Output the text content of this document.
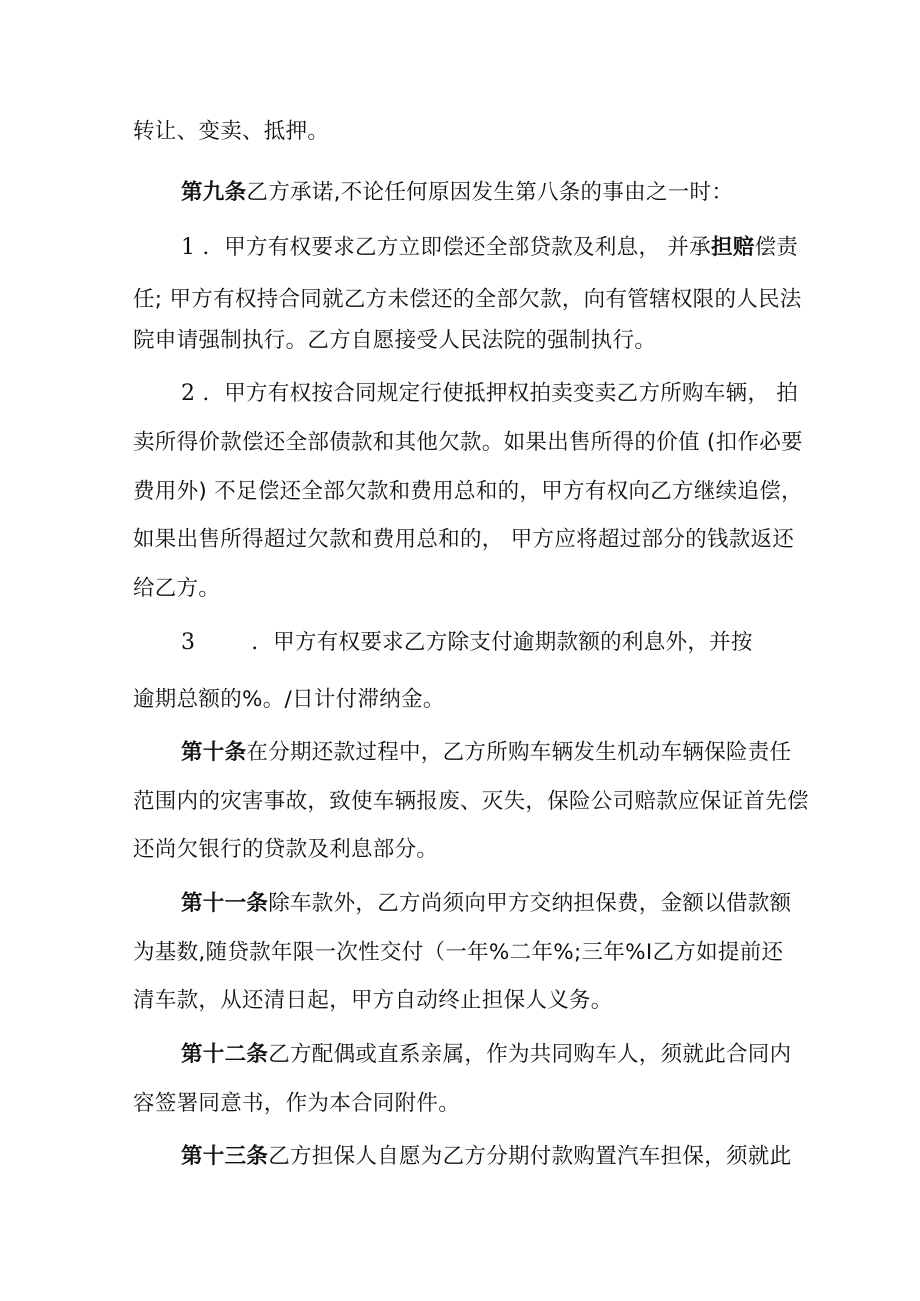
转让、变卖、抵押。
第九条乙方承诺,不论任何原因发生第八条的事由之一时：
1 ．甲方有权要求乙方立即偿还全部贷款及利息， 并承担赔偿责
任; 甲方有权持合同就乙方未偿还的全部欠款，向有管辖权限的人民法
院申请强制执行。乙方自愿接受人民法院的强制执行。
2 ．甲方有权按合同规定行使抵押权拍卖变卖乙方所购车辆， 拍
卖所得价款偿还全部债款和其他欠款。如果出售所得的价值 (扣作必要
费用外) 不足偿还全部欠款和费用总和的，甲方有权向乙方继续追偿，
如果出售所得超过欠款和费用总和的， 甲方应将超过部分的钱款返还
给乙方。
3	．甲方有权要求乙方除支付逾期款额的利息外，并按
逾期总额的%。/日计付滞纳金。
第十条在分期还款过程中，乙方所购车辆发生机动车辆保险责任
范围内的灾害事故，致使车辆报废、灭失，保险公司赔款应保证首先偿
还尚欠银行的贷款及利息部分。
第十一条除车款外，乙方尚须向甲方交纳担保费，金额以借款额
为基数,随贷款年限一次性交付（一年%二年%;三年%I乙方如提前还
清车款，从还清日起，甲方自动终止担保人义务。
第十二条乙方配偶或直系亲属，作为共同购车人，须就此合同内
容签署同意书，作为本合同附件。
第十三条乙方担保人自愿为乙方分期付款购置汽车担保，须就此
